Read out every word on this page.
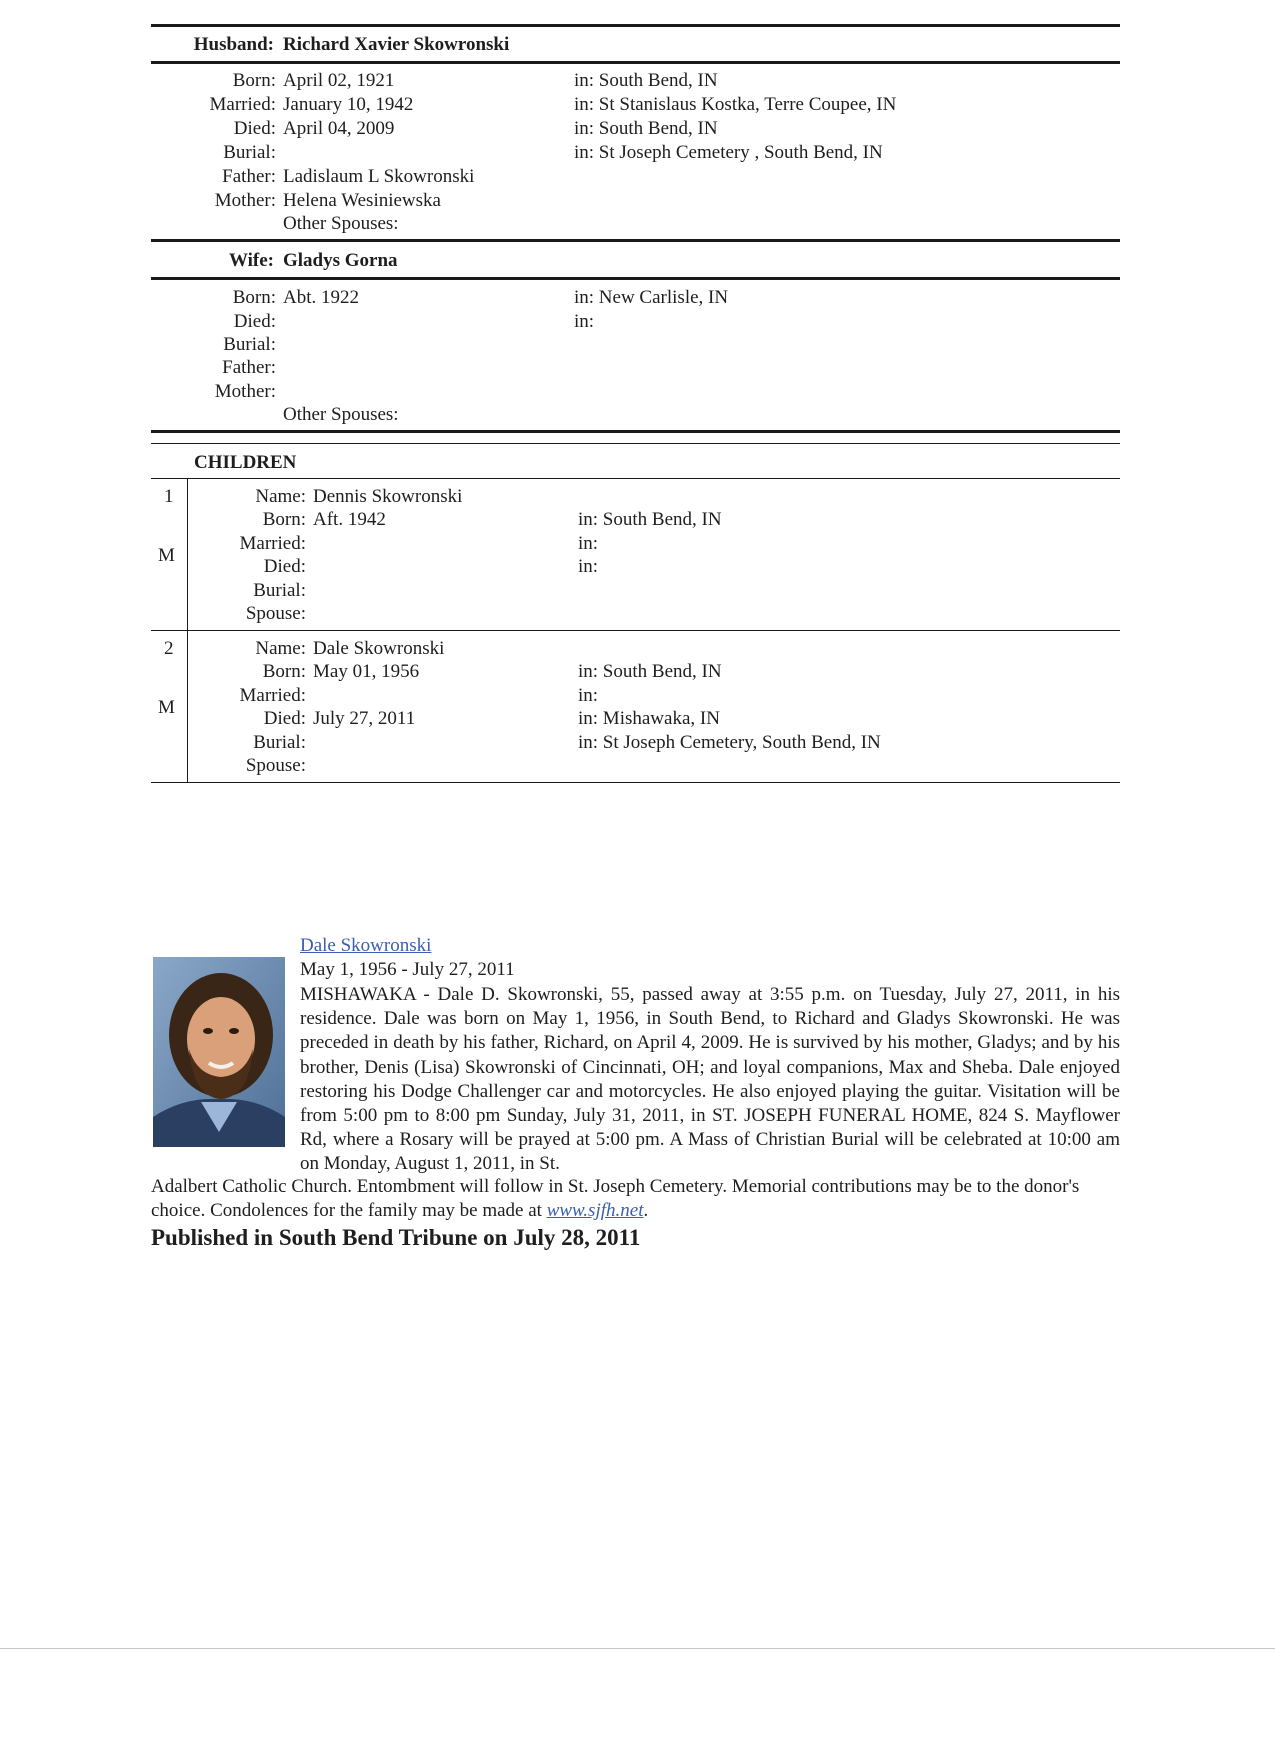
Husband: Richard Xavier Skowronski
Born: April 02, 1921	in: South Bend, IN
Married: January 10, 1942	in: St Stanislaus Kostka, Terre Coupee, IN
Died: April 04, 2009	in: South Bend, IN
Burial:	in: St Joseph Cemetery , South Bend, IN
Father: Ladislaum L Skowronski
Mother: Helena Wesiniewska
Other Spouses:
Wife: Gladys Gorna
Born: Abt. 1922	in: New Carlisle, IN
Died:	in:
Burial:
Father:
Mother:
Other Spouses:
CHILDREN
1
M
Name: Dennis Skowronski
Born: Aft. 1942	in: South Bend, IN
Married:	in:
Died:	in:
Burial:
Spouse:
2
M
Name: Dale Skowronski
Born: May 01, 1956	in: South Bend, IN
Married:	in:
Died: July 27, 2011	in: Mishawaka, IN
Burial:	in: St Joseph Cemetery, South Bend, IN
Spouse:
Dale Skowronski
May 1, 1956 - July 27, 2011
MISHAWAKA - Dale D. Skowronski, 55, passed away at 3:55 p.m. on Tuesday, July 27, 2011, in his residence. Dale was born on May 1, 1956, in South Bend, to Richard and Gladys Skowronski. He was preceded in death by his father, Richard, on April 4, 2009. He is survived by his mother, Gladys; and by his brother, Denis (Lisa) Skowronski of Cincinnati, OH; and loyal companions, Max and Sheba. Dale enjoyed restoring his Dodge Challenger car and motorcycles. He also enjoyed playing the guitar. Visitation will be from 5:00 pm to 8:00 pm Sunday, July 31, 2011, in ST. JOSEPH FUNERAL HOME, 824 S. Mayflower Rd, where a Rosary will be prayed at 5:00 pm. A Mass of Christian Burial will be celebrated at 10:00 am on Monday, August 1, 2011, in St.
Adalbert Catholic Church. Entombment will follow in St. Joseph Cemetery. Memorial contributions may be to the donor's choice. Condolences for the family may be made at www.sjfh.net.
Published in South Bend Tribune on July 28, 2011
